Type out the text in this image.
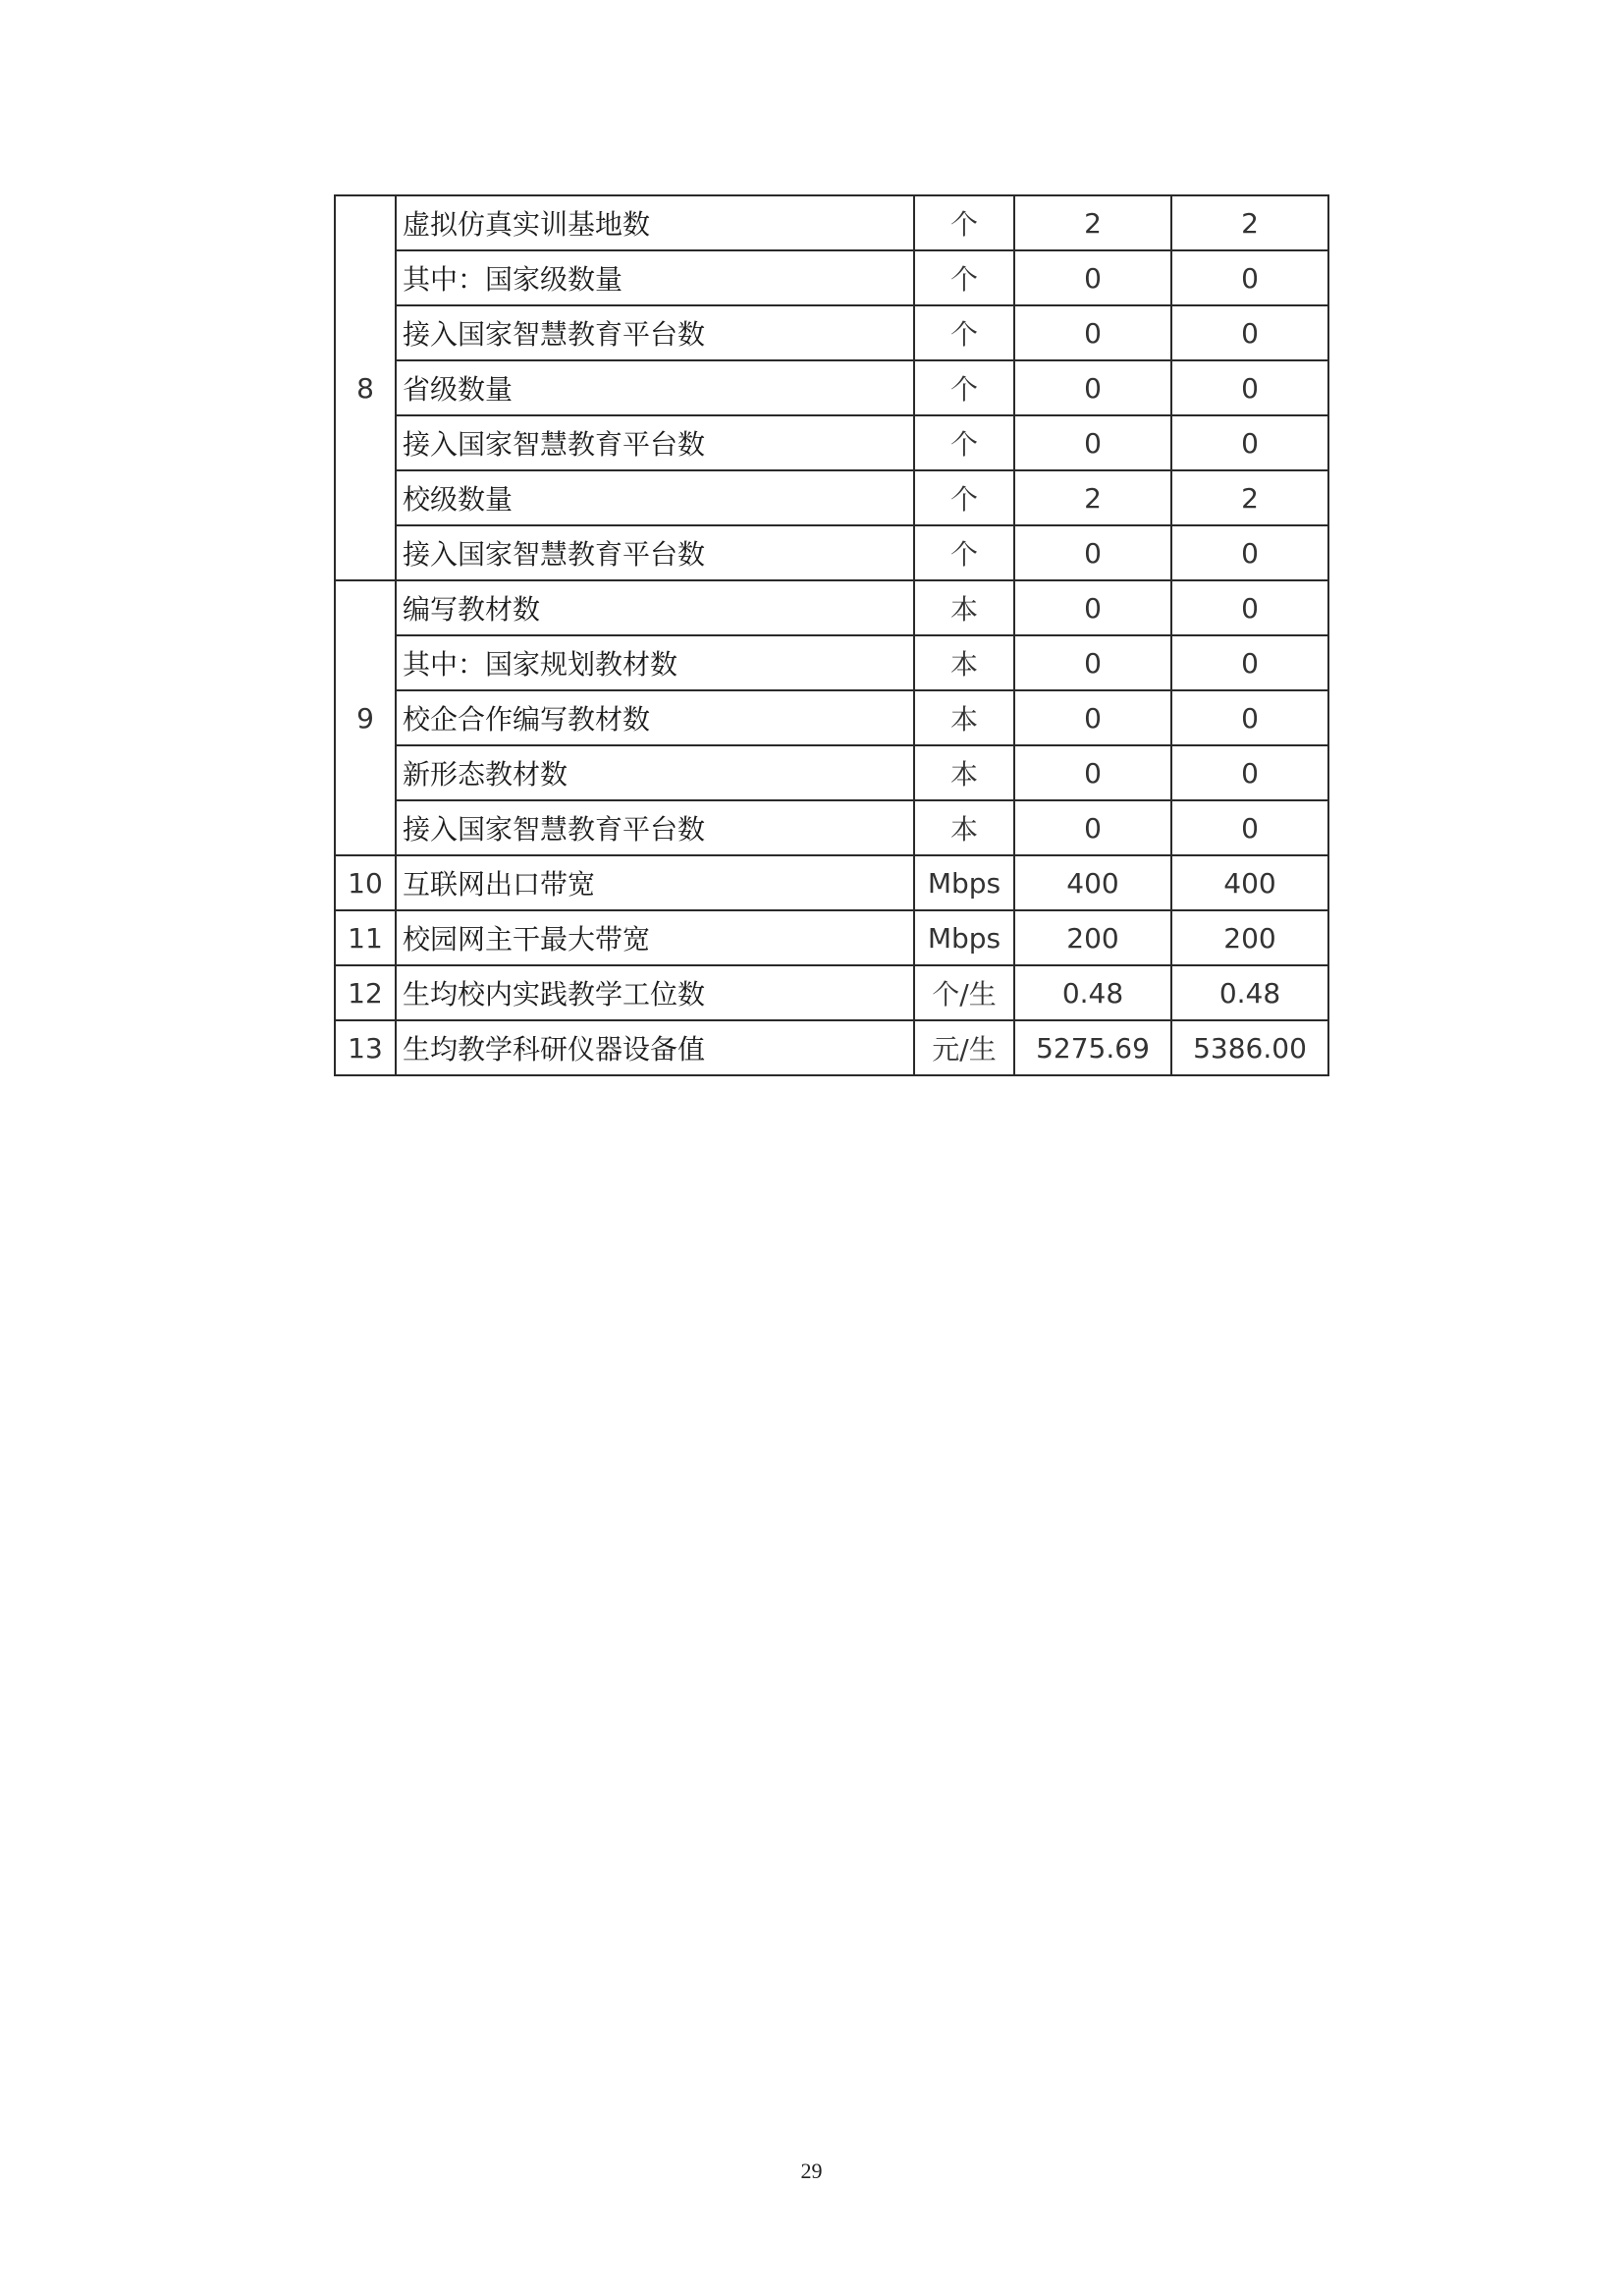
8	虚拟仿真实训基地数	个	2	2
	其中：国家级数量	个	0	0
	接入国家智慧教育平台数	个	0	0
	省级数量	个	0	0
	接入国家智慧教育平台数	个	0	0
	校级数量	个	2	2
	接入国家智慧教育平台数	个	0	0
9	编写教材数	本	0	0
	其中：国家规划教材数	本	0	0
	校企合作编写教材数	本	0	0
	新形态教材数	本	0	0
	接入国家智慧教育平台数	本	0	0
10	互联网出口带宽	Mbps	400	400
11	校园网主干最大带宽	Mbps	200	200
12	生均校内实践教学工位数	个/生	0.48	0.48
13	生均教学科研仪器设备值	元/生	5275.69	5386.00
29
